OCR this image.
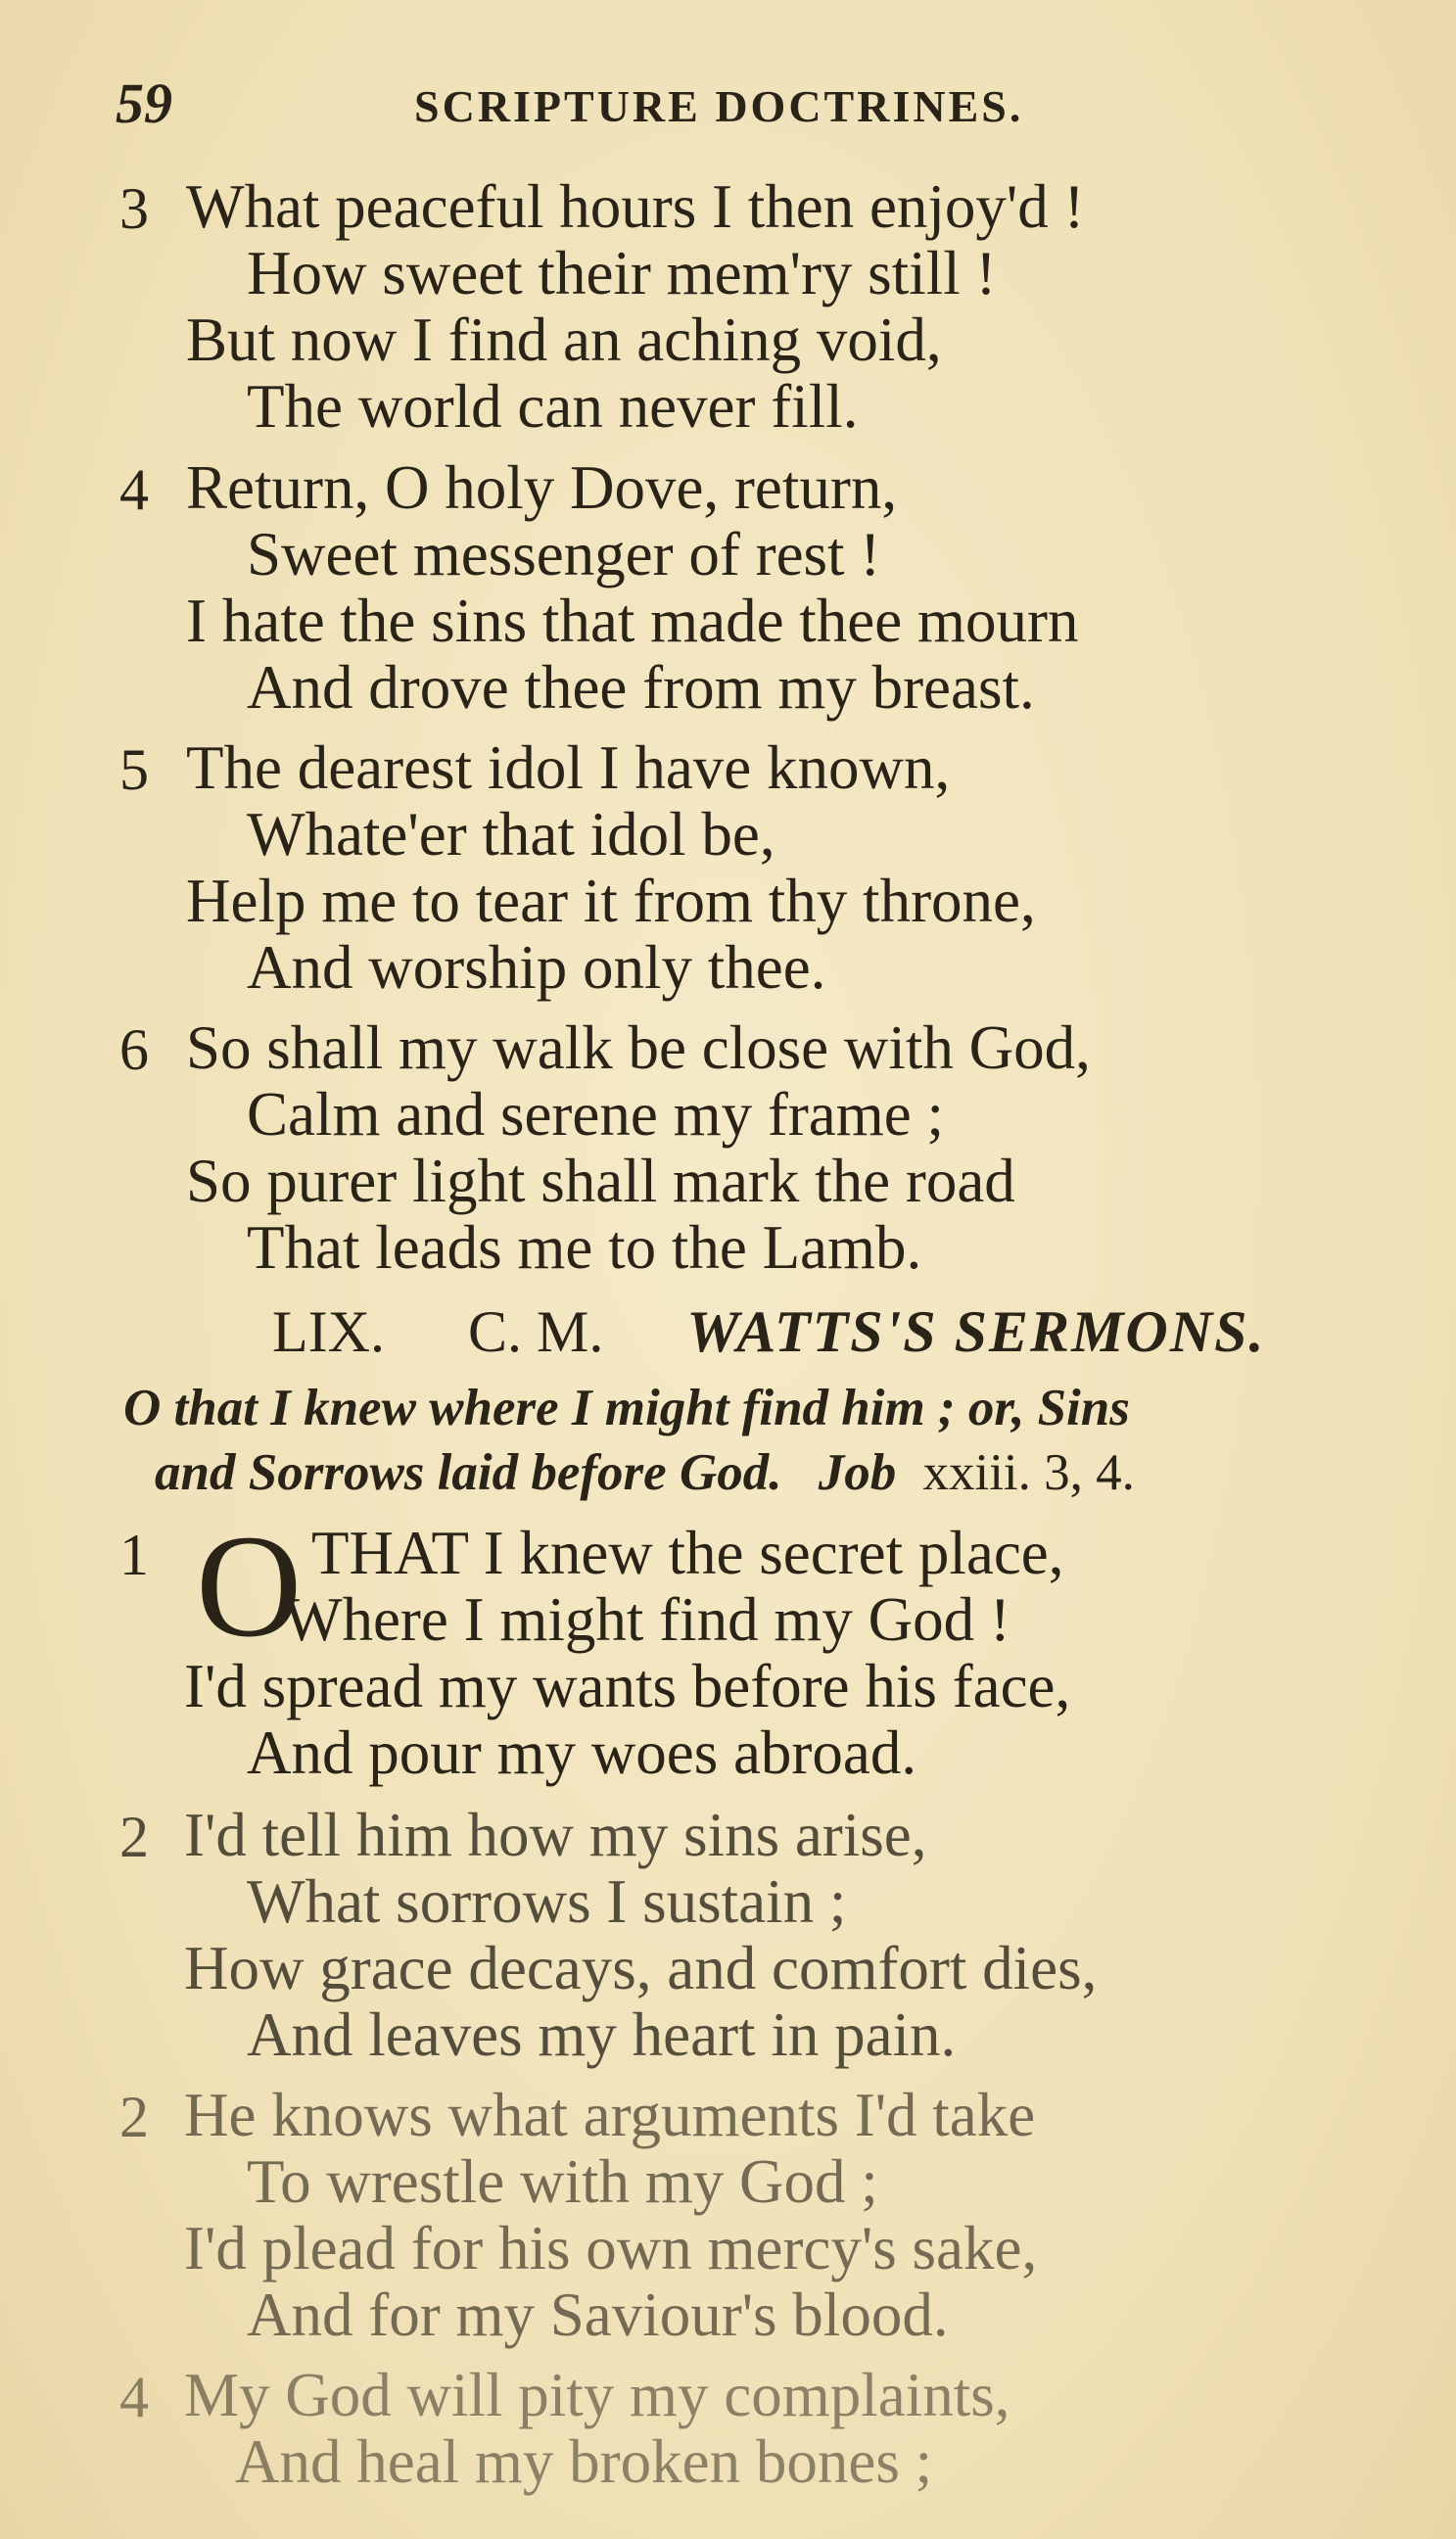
59	SCRIPTURE DOCTRINES.
3 What peaceful hours I then enjoy'd !
How sweet their mem'ry still !
But now I find an aching void,
The world can never fill.
4 Return, O holy Dove, return,
Sweet messenger of rest !
I hate the sins that made thee mourn
And drove thee from my breast.
5 The dearest idol I have known,
Whate'er that idol be,
Help me to tear it from thy throne,
And worship only thee.
6 So shall my walk be close with God,
Calm and serene my frame ;
So purer light shall mark the road
That leads me to the Lamb.
LIX. C. M. WATTS'S SERMONS.
O that I knew where I might find him ; or, Sins
and Sorrows laid before God. Job xxiii. 3, 4.
1 O THAT I knew the secret place,
Where I might find my God !
I'd spread my wants before his face,
And pour my woes abroad.
2 I'd tell him how my sins arise,
What sorrows I sustain ;
How grace decays, and comfort dies,
And leaves my heart in pain.
2 He knows what arguments I'd take
To wrestle with my God ;
I'd plead for his own mercy's sake,
And for my Saviour's blood.
4 My God will pity my complaints,
And heal my broken bones ;
